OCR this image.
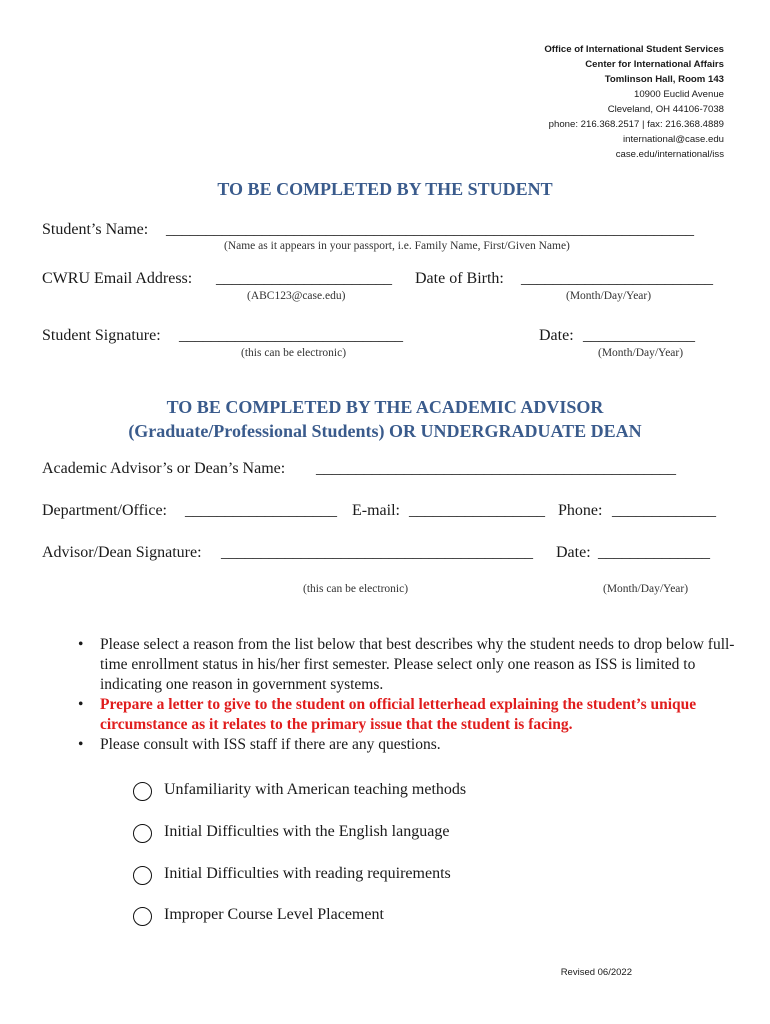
Office of International Student Services
Center for International Affairs
Tomlinson Hall, Room 143
10900 Euclid Avenue
Cleveland, OH 44106-7038
phone: 216.368.2517 | fax: 216.368.4889
international@case.edu
case.edu/international/iss
TO BE COMPLETED BY THE STUDENT
Student’s Name: __________________________________________________________________
(Name as it appears in your passport, i.e. Family Name, First/Given Name)
CWRU Email Address: ______________________
(ABC123@case.edu)
Date of Birth: ________________________
(Month/Day/Year)
Student Signature: ____________________________
(this can be electronic)
Date: ______________
(Month/Day/Year)
TO BE COMPLETED BY THE ACADEMIC ADVISOR
(Graduate/Professional Students) OR UNDERGRADUATE DEAN
Academic Advisor’s or Dean’s Name: _____________________________________________
Department/Office: ___________________ E-mail: _________________ Phone: _____________
Advisor/Dean Signature: _______________________________________ Date: ______________
(this can be electronic)	(Month/Day/Year)
• Please select a reason from the list below that best describes why the student needs to drop below full-time enrollment status in his/her first semester. Please select only one reason as ISS is limited to indicating one reason in government systems.
• Prepare a letter to give to the student on official letterhead explaining the student’s unique circumstance as it relates to the primary issue that the student is facing.
• Please consult with ISS staff if there are any questions.
Unfamiliarity with American teaching methods
Initial Difficulties with the English language
Initial Difficulties with reading requirements
Improper Course Level Placement
Revised 06/2022
